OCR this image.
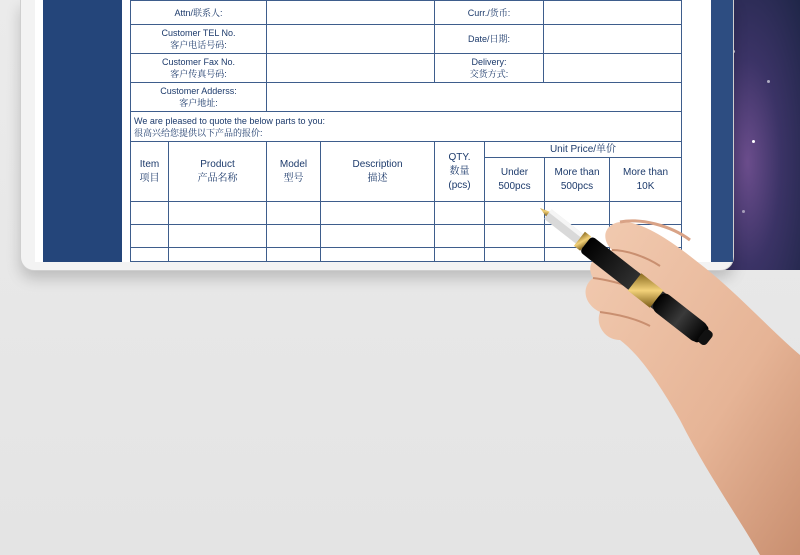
Attn/联系人:	Curr./货币:
Customer TEL No.
客户电话号码:
Date/日期:
Customer Fax No.
客户传真号码:
Delivery:
交货方式:
Customer Adderss:
客户地址:
We are pleased to quote the below parts to you:
很高兴给您提供以下产品的报价:
Item
项目
Product
产品名称
Model
型号
Description
描述
QTY.
数量
(pcs)
Unit Price/单价
Under
500pcs
More than
500pcs
More than
10K
